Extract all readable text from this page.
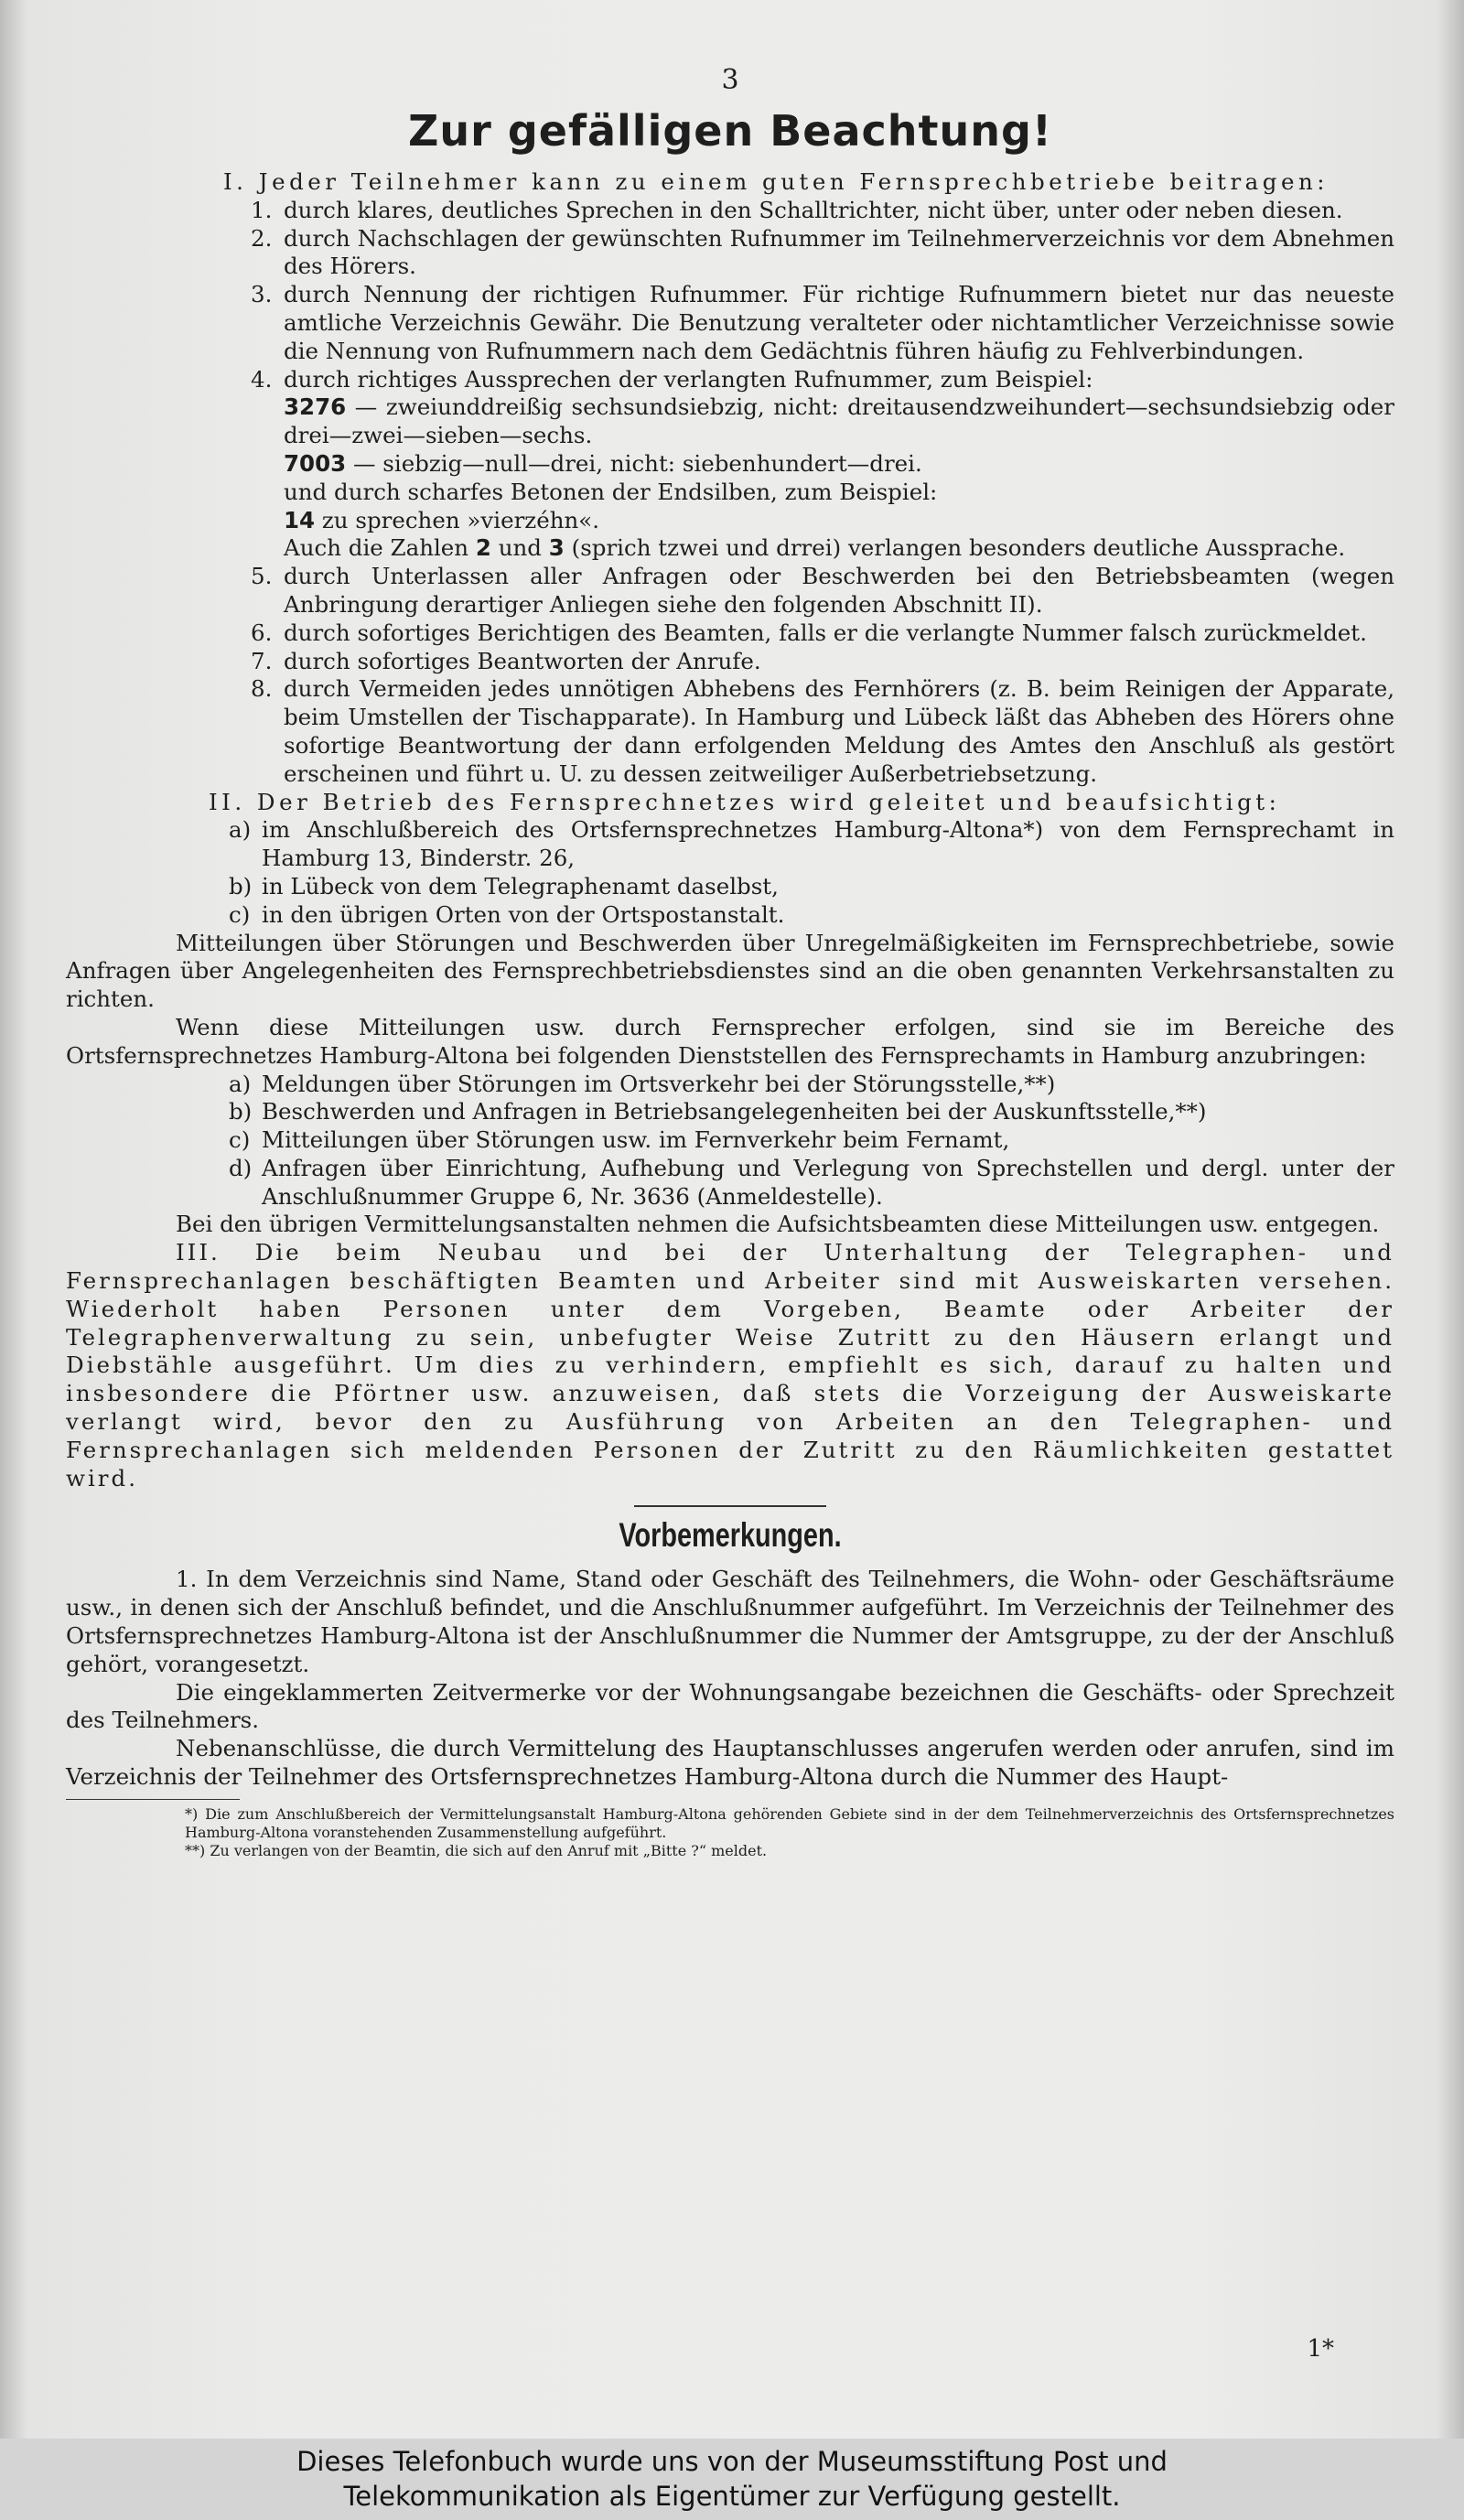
3
Zur gefälligen Beachtung!
I. Jeder Teilnehmer kann zu einem guten Fernsprechbetriebe beitragen:
1. durch klares, deutliches Sprechen in den Schalltrichter, nicht über, unter oder neben diesen.
2. durch Nachschlagen der gewünschten Rufnummer im Teilnehmerverzeichnis vor dem Abnehmen des Hörers.
3. durch Nennung der richtigen Rufnummer. Für richtige Rufnummern bietet nur das neueste amtliche Verzeichnis Gewähr. Die Benutzung veralteter oder nichtamtlicher Verzeichnisse sowie die Nennung von Rufnummern nach dem Gedächtnis führen häufig zu Fehlverbindungen.
4. durch richtiges Aussprechen der verlangten Rufnummer, zum Beispiel:
3276 — zweiunddreißig sechsundsiebzig, nicht: dreitausendzweihundert—sechsundsiebzig oder drei—zwei—sieben—sechs.
7003 — siebzig—null—drei, nicht: siebenhundert—drei.
und durch scharfes Betonen der Endsilben, zum Beispiel:
14 zu sprechen »vierzéhn«.
Auch die Zahlen 2 und 3 (sprich tzwei und drrei) verlangen besonders deutliche Aussprache.
5. durch Unterlassen aller Anfragen oder Beschwerden bei den Betriebsbeamten (wegen Anbringung derartiger Anliegen siehe den folgenden Abschnitt II).
6. durch sofortiges Berichtigen des Beamten, falls er die verlangte Nummer falsch zurückmeldet.
7. durch sofortiges Beantworten der Anrufe.
8. durch Vermeiden jedes unnötigen Abhebens des Fernhörers (z. B. beim Reinigen der Apparate, beim Umstellen der Tischapparate). In Hamburg und Lübeck läßt das Abheben des Hörers ohne sofortige Beantwortung der dann erfolgenden Meldung des Amtes den Anschluß als gestört erscheinen und führt u. U. zu dessen zeitweiliger Außerbetriebsetzung.
II. Der Betrieb des Fernsprechnetzes wird geleitet und beaufsichtigt:
a) im Anschlußbereich des Ortsfernsprechnetzes Hamburg-Altona*) von dem Fernsprechamt in Hamburg 13, Binderstr. 26,
b) in Lübeck von dem Telegraphenamt daselbst,
c) in den übrigen Orten von der Ortspostanstalt.
Mitteilungen über Störungen und Beschwerden über Unregelmäßigkeiten im Fernsprechbetriebe, sowie Anfragen über Angelegenheiten des Fernsprechbetriebsdienstes sind an die oben genannten Verkehrsanstalten zu richten.
Wenn diese Mitteilungen usw. durch Fernsprecher erfolgen, sind sie im Bereiche des Ortsfernsprechnetzes Hamburg-Altona bei folgenden Dienststellen des Fernsprechamts in Hamburg anzubringen:
a) Meldungen über Störungen im Ortsverkehr bei der Störungsstelle,**)
b) Beschwerden und Anfragen in Betriebsangelegenheiten bei der Auskunftsstelle,**)
c) Mitteilungen über Störungen usw. im Fernverkehr beim Fernamt,
d) Anfragen über Einrichtung, Aufhebung und Verlegung von Sprechstellen und dergl. unter der Anschlußnummer Gruppe 6, Nr. 3636 (Anmeldestelle).
Bei den übrigen Vermittelungsanstalten nehmen die Aufsichtsbeamten diese Mitteilungen usw. entgegen.
III. Die beim Neubau und bei der Unterhaltung der Telegraphen- und Fernsprechanlagen beschäftigten Beamten und Arbeiter sind mit Ausweiskarten versehen. Wiederholt haben Personen unter dem Vorgeben, Beamte oder Arbeiter der Telegraphenverwaltung zu sein, unbefugter Weise Zutritt zu den Häusern erlangt und Diebstähle ausgeführt. Um dies zu verhindern, empfiehlt es sich, darauf zu halten und insbesondere die Pförtner usw. anzuweisen, daß stets die Vorzeigung der Ausweiskarte verlangt wird, bevor den zu Ausführung von Arbeiten an den Telegraphen- und Fernsprechanlagen sich meldenden Personen der Zutritt zu den Räumlichkeiten gestattet wird.
Vorbemerkungen.
1. In dem Verzeichnis sind Name, Stand oder Geschäft des Teilnehmers, die Wohn- oder Geschäftsräume usw., in denen sich der Anschluß befindet, und die Anschlußnummer aufgeführt. Im Verzeichnis der Teilnehmer des Ortsfernsprechnetzes Hamburg-Altona ist der Anschlußnummer die Nummer der Amtsgruppe, zu der der Anschluß gehört, vorangesetzt.
Die eingeklammerten Zeitvermerke vor der Wohnungsangabe bezeichnen die Geschäfts- oder Sprechzeit des Teilnehmers.
Nebenanschlüsse, die durch Vermittelung des Hauptanschlusses angerufen werden oder anrufen, sind im Verzeichnis der Teilnehmer des Ortsfernsprechnetzes Hamburg-Altona durch die Nummer des Haupt-
*) Die zum Anschlußbereich der Vermittelungsanstalt Hamburg-Altona gehörenden Gebiete sind in der dem Teilnehmerverzeichnis des Ortsfernsprechnetzes Hamburg-Altona voranstehenden Zusammenstellung aufgeführt.
**) Zu verlangen von der Beamtin, die sich auf den Anruf mit „Bitte ?“ meldet.
1*
Dieses Telefonbuch wurde uns von der Museumsstiftung Post und
Telekommunikation als Eigentümer zur Verfügung gestellt.
